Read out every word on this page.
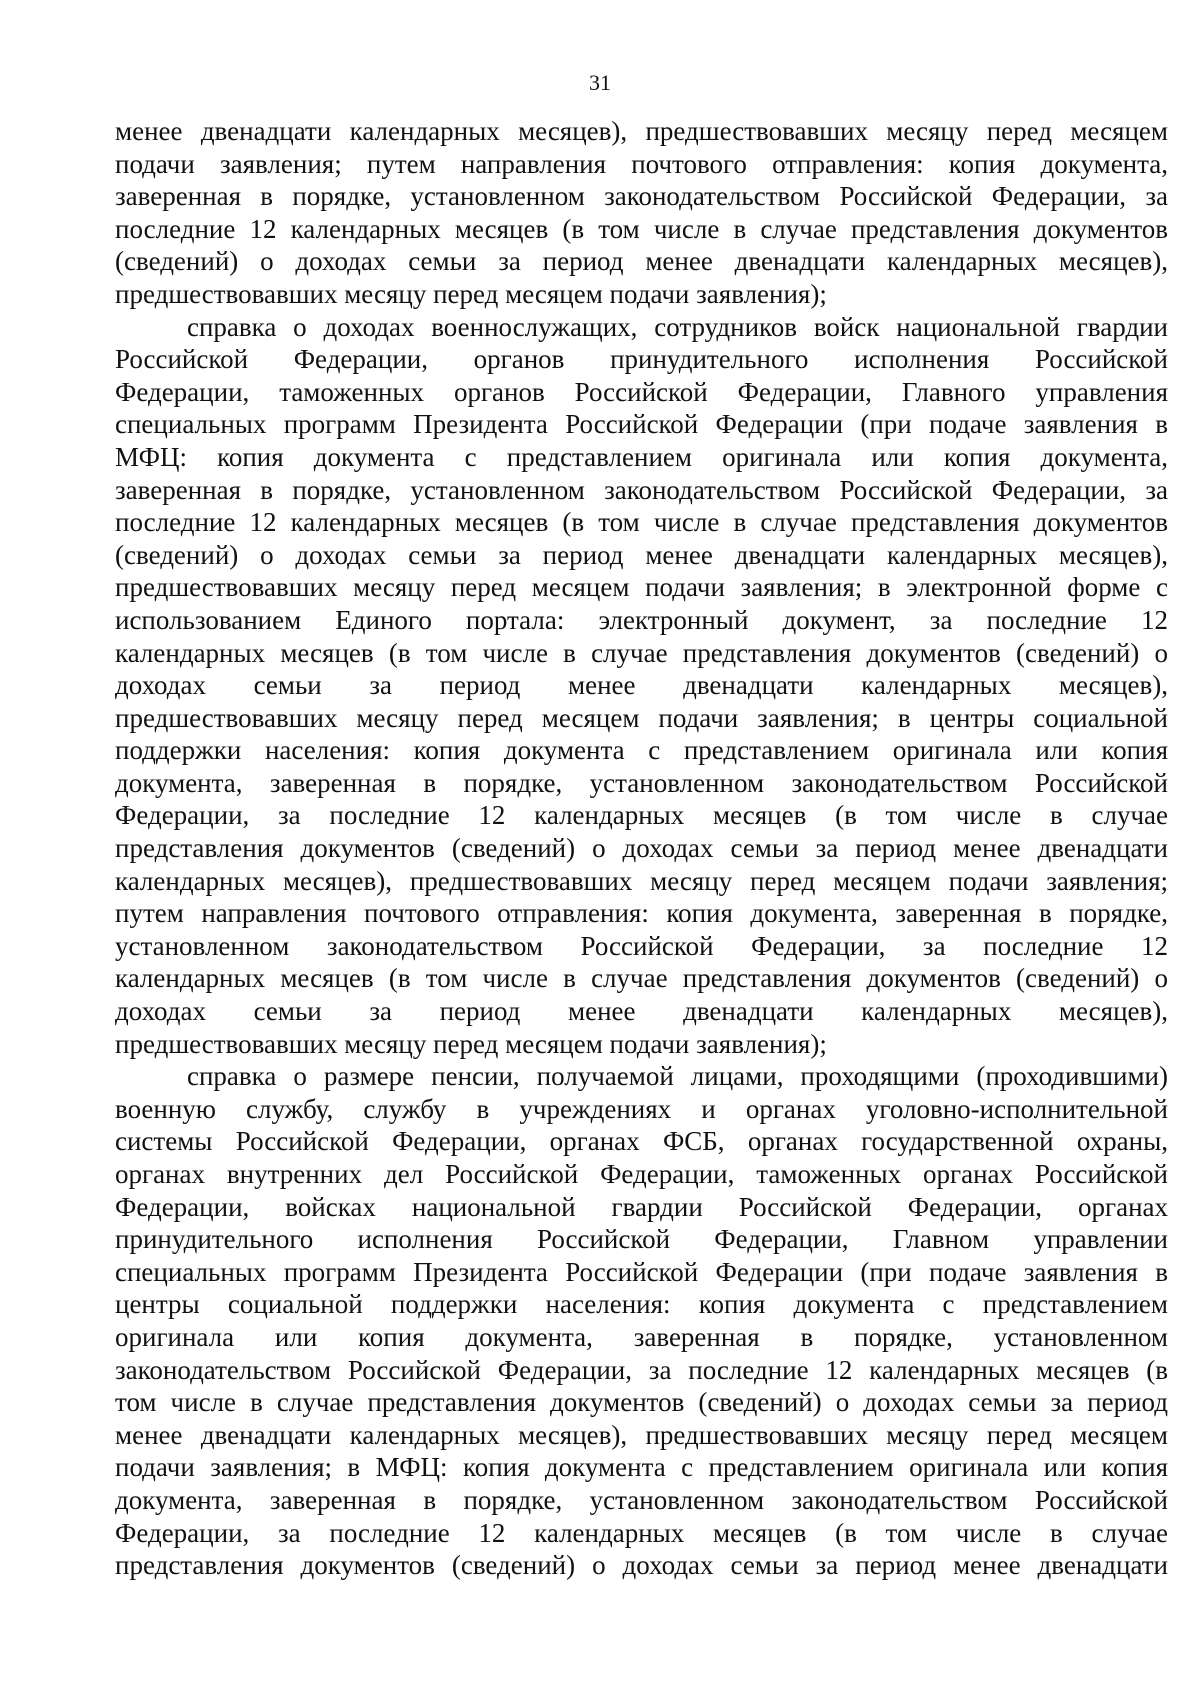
31
менее двенадцати календарных месяцев), предшествовавших месяцу перед месяцем
подачи заявления; путем направления почтового отправления: копия документа,
заверенная в порядке, установленном законодательством Российской Федерации, за
последние 12 календарных месяцев (в том числе в случае представления документов
(сведений) о доходах семьи за период менее двенадцати календарных месяцев),
предшествовавших месяцу перед месяцем подачи заявления);
справка о доходах военнослужащих, сотрудников войск национальной гвардии
Российской Федерации, органов принудительного исполнения Российской
Федерации, таможенных органов Российской Федерации, Главного управления
специальных программ Президента Российской Федерации (при подаче заявления в
МФЦ: копия документа с представлением оригинала или копия документа,
заверенная в порядке, установленном законодательством Российской Федерации, за
последние 12 календарных месяцев (в том числе в случае представления документов
(сведений) о доходах семьи за период менее двенадцати календарных месяцев),
предшествовавших месяцу перед месяцем подачи заявления; в электронной форме с
использованием Единого портала: электронный документ, за последние 12
календарных месяцев (в том числе в случае представления документов (сведений) о
доходах семьи за период менее двенадцати календарных месяцев),
предшествовавших месяцу перед месяцем подачи заявления; в центры социальной
поддержки населения: копия документа с представлением оригинала или копия
документа, заверенная в порядке, установленном законодательством Российской
Федерации, за последние 12 календарных месяцев (в том числе в случае
представления документов (сведений) о доходах семьи за период менее двенадцати
календарных месяцев), предшествовавших месяцу перед месяцем подачи заявления;
путем направления почтового отправления: копия документа, заверенная в порядке,
установленном законодательством Российской Федерации, за последние 12
календарных месяцев (в том числе в случае представления документов (сведений) о
доходах семьи за период менее двенадцати календарных месяцев),
предшествовавших месяцу перед месяцем подачи заявления);
справка о размере пенсии, получаемой лицами, проходящими (проходившими)
военную службу, службу в учреждениях и органах уголовно-исполнительной
системы Российской Федерации, органах ФСБ, органах государственной охраны,
органах внутренних дел Российской Федерации, таможенных органах Российской
Федерации, войсках национальной гвардии Российской Федерации, органах
принудительного исполнения Российской Федерации, Главном управлении
специальных программ Президента Российской Федерации (при подаче заявления в
центры социальной поддержки населения: копия документа с представлением
оригинала или копия документа, заверенная в порядке, установленном
законодательством Российской Федерации, за последние 12 календарных месяцев (в
том числе в случае представления документов (сведений) о доходах семьи за период
менее двенадцати календарных месяцев), предшествовавших месяцу перед месяцем
подачи заявления; в МФЦ: копия документа с представлением оригинала или копия
документа, заверенная в порядке, установленном законодательством Российской
Федерации, за последние 12 календарных месяцев (в том числе в случае
представления документов (сведений) о доходах семьи за период менее двенадцати
